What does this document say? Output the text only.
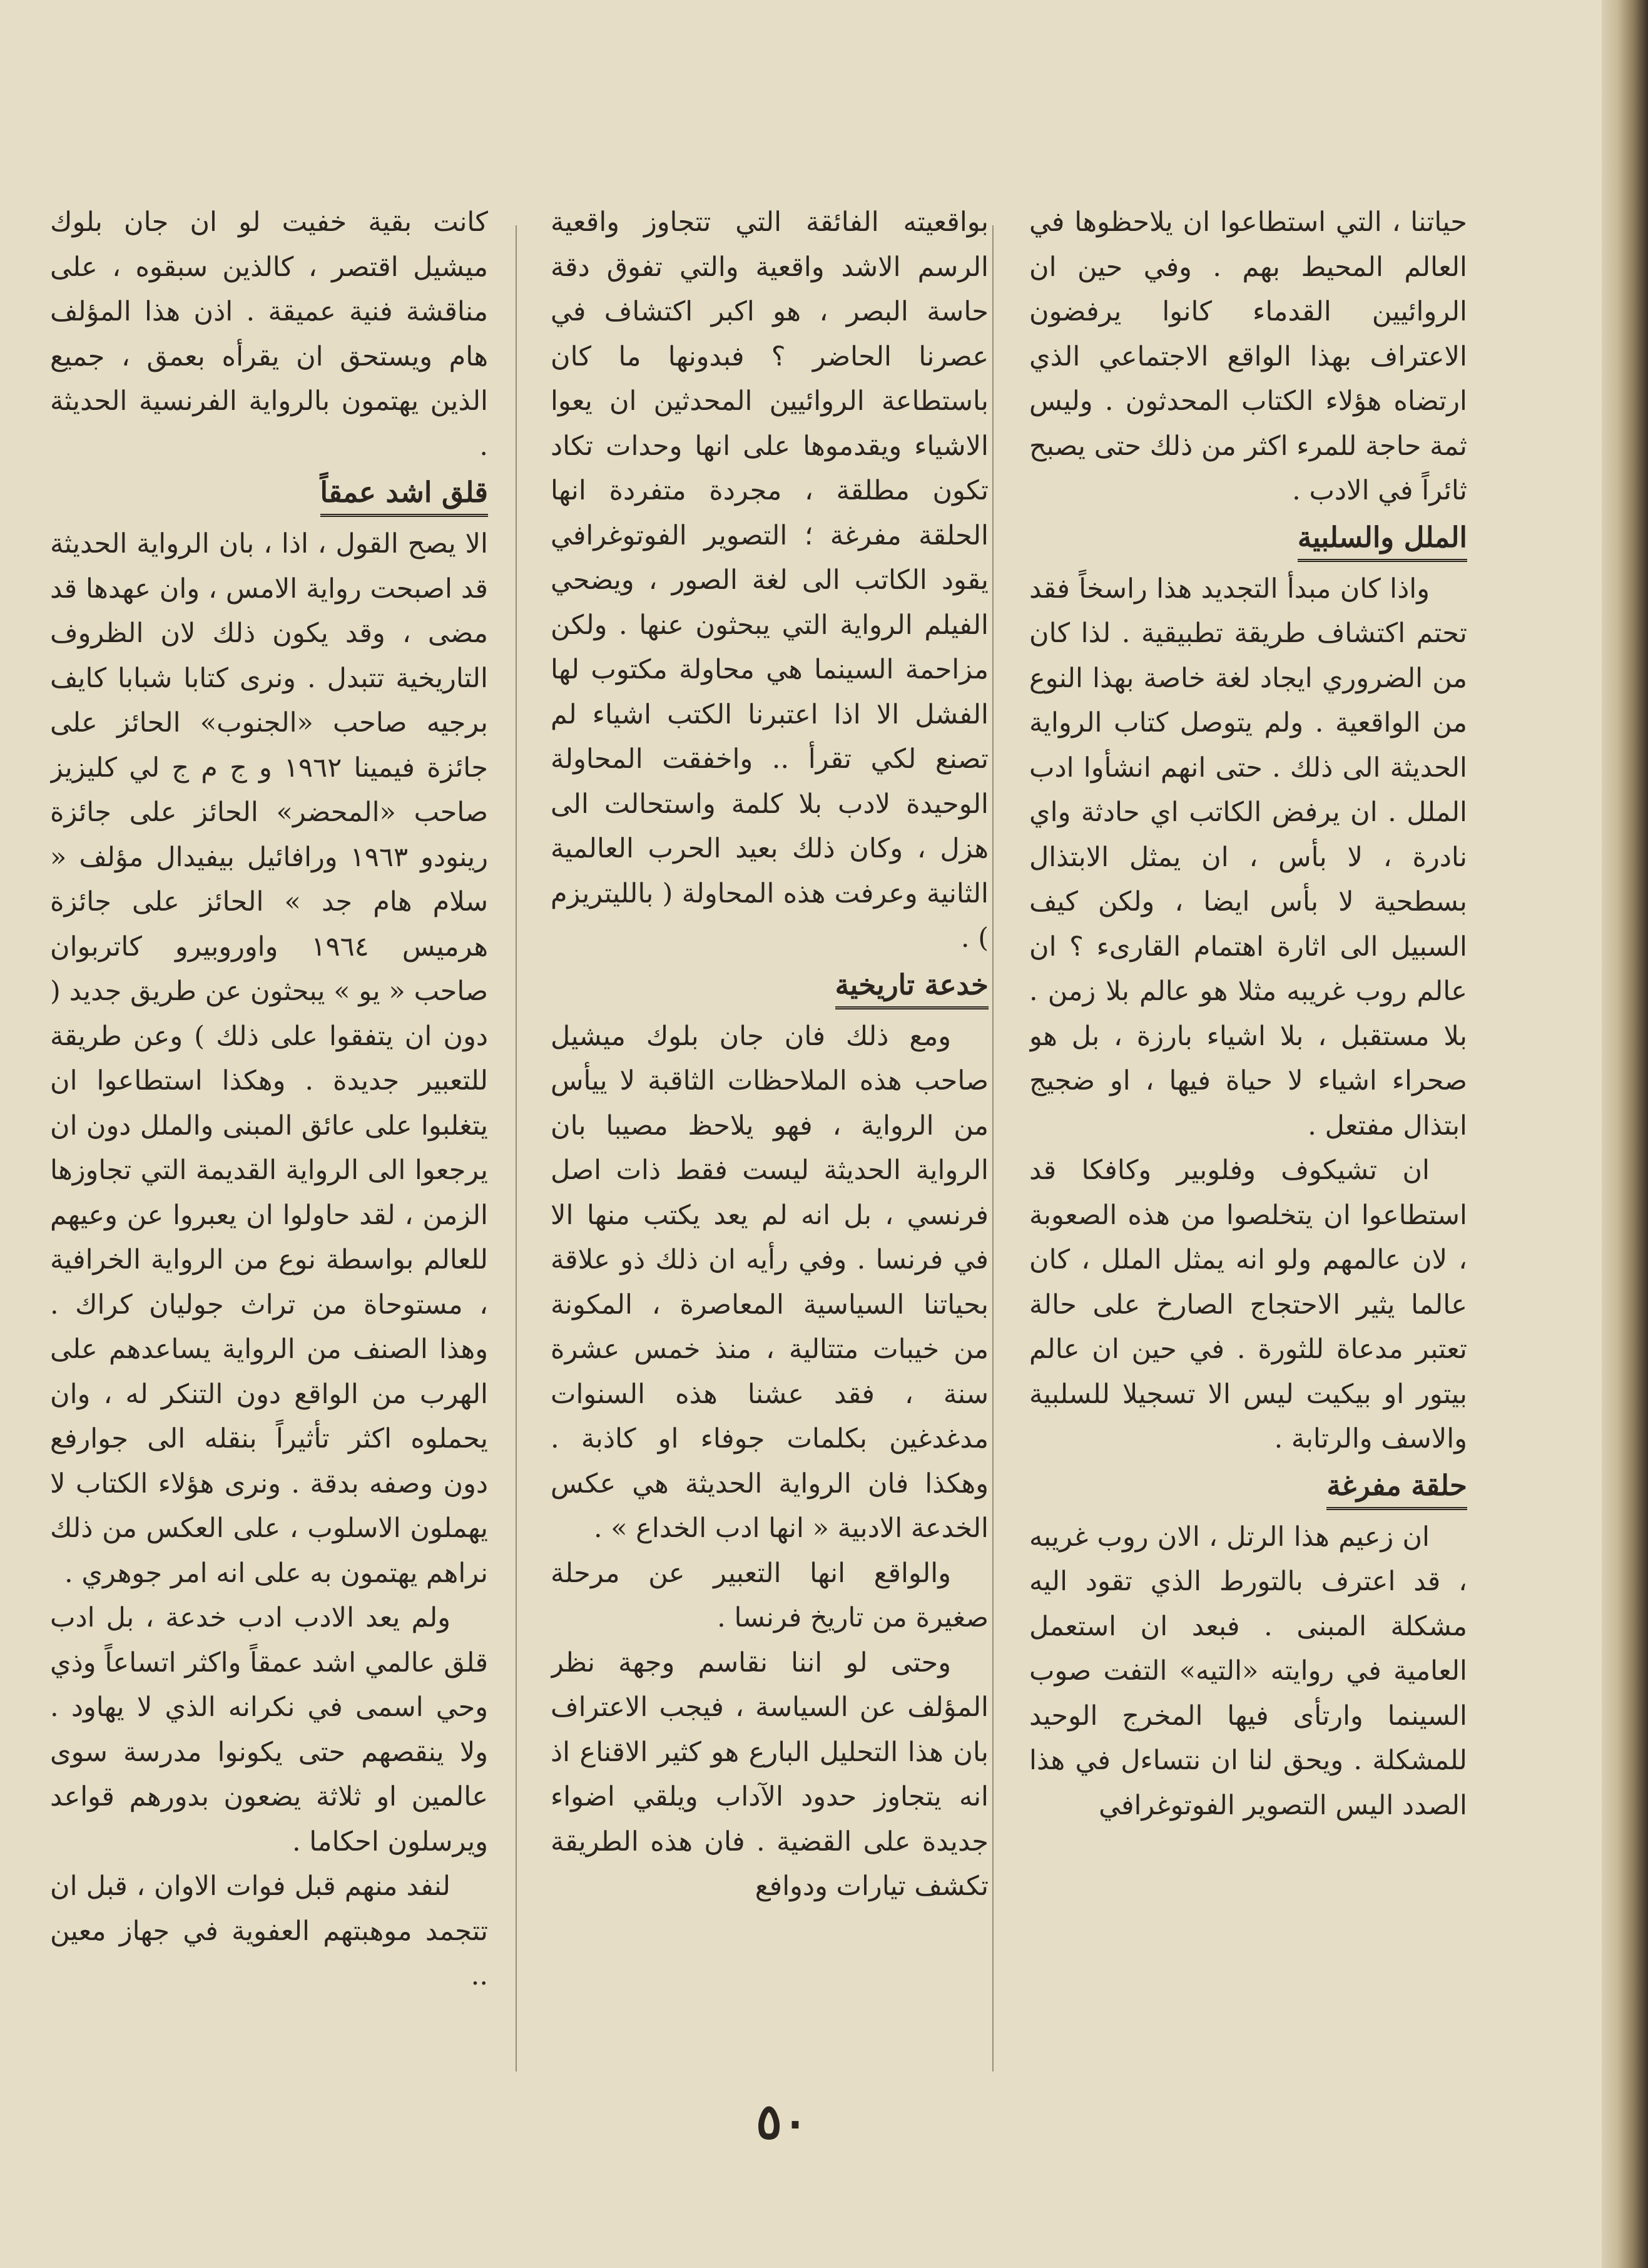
حياتنا ، التي استطاعوا ان يلاحظوها في العالم المحيط بهم . وفي حين ان الروائيين القدماء كانوا يرفضون الاعتراف بهذا الواقع الاجتماعي الذي ارتضاه هؤلاء الكتاب المحدثون . وليس ثمة حاجة للمرء اكثر من ذلك حتى يصبح ثائراً في الادب .

الملل والسلبية

واذا كان مبدأ التجديد هذا راسخاً فقد تحتم اكتشاف طريقة تطبيقية . لذا كان من الضروري ايجاد لغة خاصة بهذا النوع من الواقعية . ولم يتوصل كتاب الرواية الحديثة الى ذلك . حتى انهم انشأوا ادب الملل . ان يرفض الكاتب اي حادثة واي نادرة ، لا بأس ، ان يمثل الابتذال بسطحية لا بأس ايضا ، ولكن كيف السبيل الى اثارة اهتمام القارىء ؟ ان عالم روب غريبه مثلا هو عالم بلا زمن . بلا مستقبل ، بلا اشياء بارزة ، بل هو صحراء اشياء لا حياة فيها ، او ضجيج ابتذال مفتعل .

ان تشيكوف وفلوبير وكافكا قد استطاعوا ان يتخلصوا من هذه الصعوبة ، لان عالمهم ولو انه يمثل الملل ، كان عالما يثير الاحتجاج الصارخ على حالة تعتبر مدعاة للثورة . في حين ان عالم بيتور او بيكيت ليس الا تسجيلا للسلبية والاسف والرتابة .

حلقة مفرغة

ان زعيم هذا الرتل ، الان روب غريبه ، قد اعترف بالتورط الذي تقود اليه مشكلة المبنى . فبعد ان استعمل العامية في روايته «التيه» التفت صوب السينما وارتأى فيها المخرج الوحيد للمشكلة . ويحق لنا ان نتساءل في هذا الصدد اليس التصوير الفوتوغرافي

بواقعيته الفائقة التي تتجاوز واقعية الرسم الاشد واقعية والتي تفوق دقة حاسة البصر ، هو اكبر اكتشاف في عصرنا الحاضر ؟ فبدونها ما كان باستطاعة الروائيين المحدثين ان يعوا الاشياء ويقدموها على انها وحدات تكاد تكون مطلقة ، مجردة متفردة انها الحلقة مفرغة ؛ التصوير الفوتوغرافي يقود الكاتب الى لغة الصور ، ويضحي الفيلم الرواية التي يبحثون عنها . ولكن مزاحمة السينما هي محاولة مكتوب لها الفشل الا اذا اعتبرنا الكتب اشياء لم تصنع لكي تقرأ .. واخفقت المحاولة الوحيدة لادب بلا كلمة واستحالت الى هزل ، وكان ذلك بعيد الحرب العالمية الثانية وعرفت هذه المحاولة ( بالليتريزم ) .

خدعة تاريخية

ومع ذلك فان جان بلوك ميشيل صاحب هذه الملاحظات الثاقبة لا ييأس من الرواية ، فهو يلاحظ مصيبا بان الرواية الحديثة ليست فقط ذات اصل فرنسي ، بل انه لم يعد يكتب منها الا في فرنسا . وفي رأيه ان ذلك ذو علاقة بحياتنا السياسية المعاصرة ، المكونة من خيبات متتالية ، منذ خمس عشرة سنة ، فقد عشنا هذه السنوات مدغدغين بكلمات جوفاء او كاذبة . وهكذا فان الرواية الحديثة هي عكس الخدعة الادبية « انها ادب الخداع » .

والواقع انها التعبير عن مرحلة صغيرة من تاريخ فرنسا .

وحتى لو اننا نقاسم وجهة نظر المؤلف عن السياسة ، فيجب الاعتراف بان هذا التحليل البارع هو كثير الاقناع اذ انه يتجاوز حدود الآداب ويلقي اضواء جديدة على القضية . فان هذه الطريقة تكشف تيارات ودوافع

كانت بقية خفيت لو ان جان بلوك ميشيل اقتصر ، كالذين سبقوه ، على مناقشة فنية عميقة . اذن هذا المؤلف هام ويستحق ان يقرأه بعمق ، جميع الذين يهتمون بالرواية الفرنسية الحديثة .

قلق اشد عمقاً

الا يصح القول ، اذا ، بان الرواية الحديثة قد اصبحت رواية الامس ، وان عهدها قد مضى ، وقد يكون ذلك لان الظروف التاريخية تتبدل . ونرى كتابا شبابا كايف برجيه صاحب «الجنوب» الحائز على جائزة فيمينا ١٩٦٢ و ج م ج لي كليزيز صاحب «المحضر» الحائز على جائزة رينودو ١٩٦٣ ورافائيل بيفيدال مؤلف « سلام هام جد » الحائز على جائزة هرميس ١٩٦٤ واوروبيرو كاتربوان صاحب « يو » يبحثون عن طريق جديد ( دون ان يتفقوا على ذلك ) وعن طريقة للتعبير جديدة . وهكذا استطاعوا ان يتغلبوا على عائق المبنى والملل دون ان يرجعوا الى الرواية القديمة التي تجاوزها الزمن ، لقد حاولوا ان يعبروا عن وعيهم للعالم بواسطة نوع من الرواية الخرافية ، مستوحاة من تراث جوليان كراك . وهذا الصنف من الرواية يساعدهم على الهرب من الواقع دون التنكر له ، وان يحملوه اكثر تأثيراً بنقله الى جوارفع دون وصفه بدقة . ونرى هؤلاء الكتاب لا يهملون الاسلوب ، على العكس من ذلك نراهم يهتمون به على انه امر جوهري .

ولم يعد الادب ادب خدعة ، بل ادب قلق عالمي اشد عمقاً واكثر اتساعاً وذي وحي اسمى في نكرانه الذي لا يهاود . ولا ينقصهم حتى يكونوا مدرسة سوى عالمين او ثلاثة يضعون بدورهم قواعد ويرسلون احكاما .

لنفد منهم قبل فوات الاوان ، قبل ان تتجمد موهبتهم العفوية في جهاز معين ..

٥٠
